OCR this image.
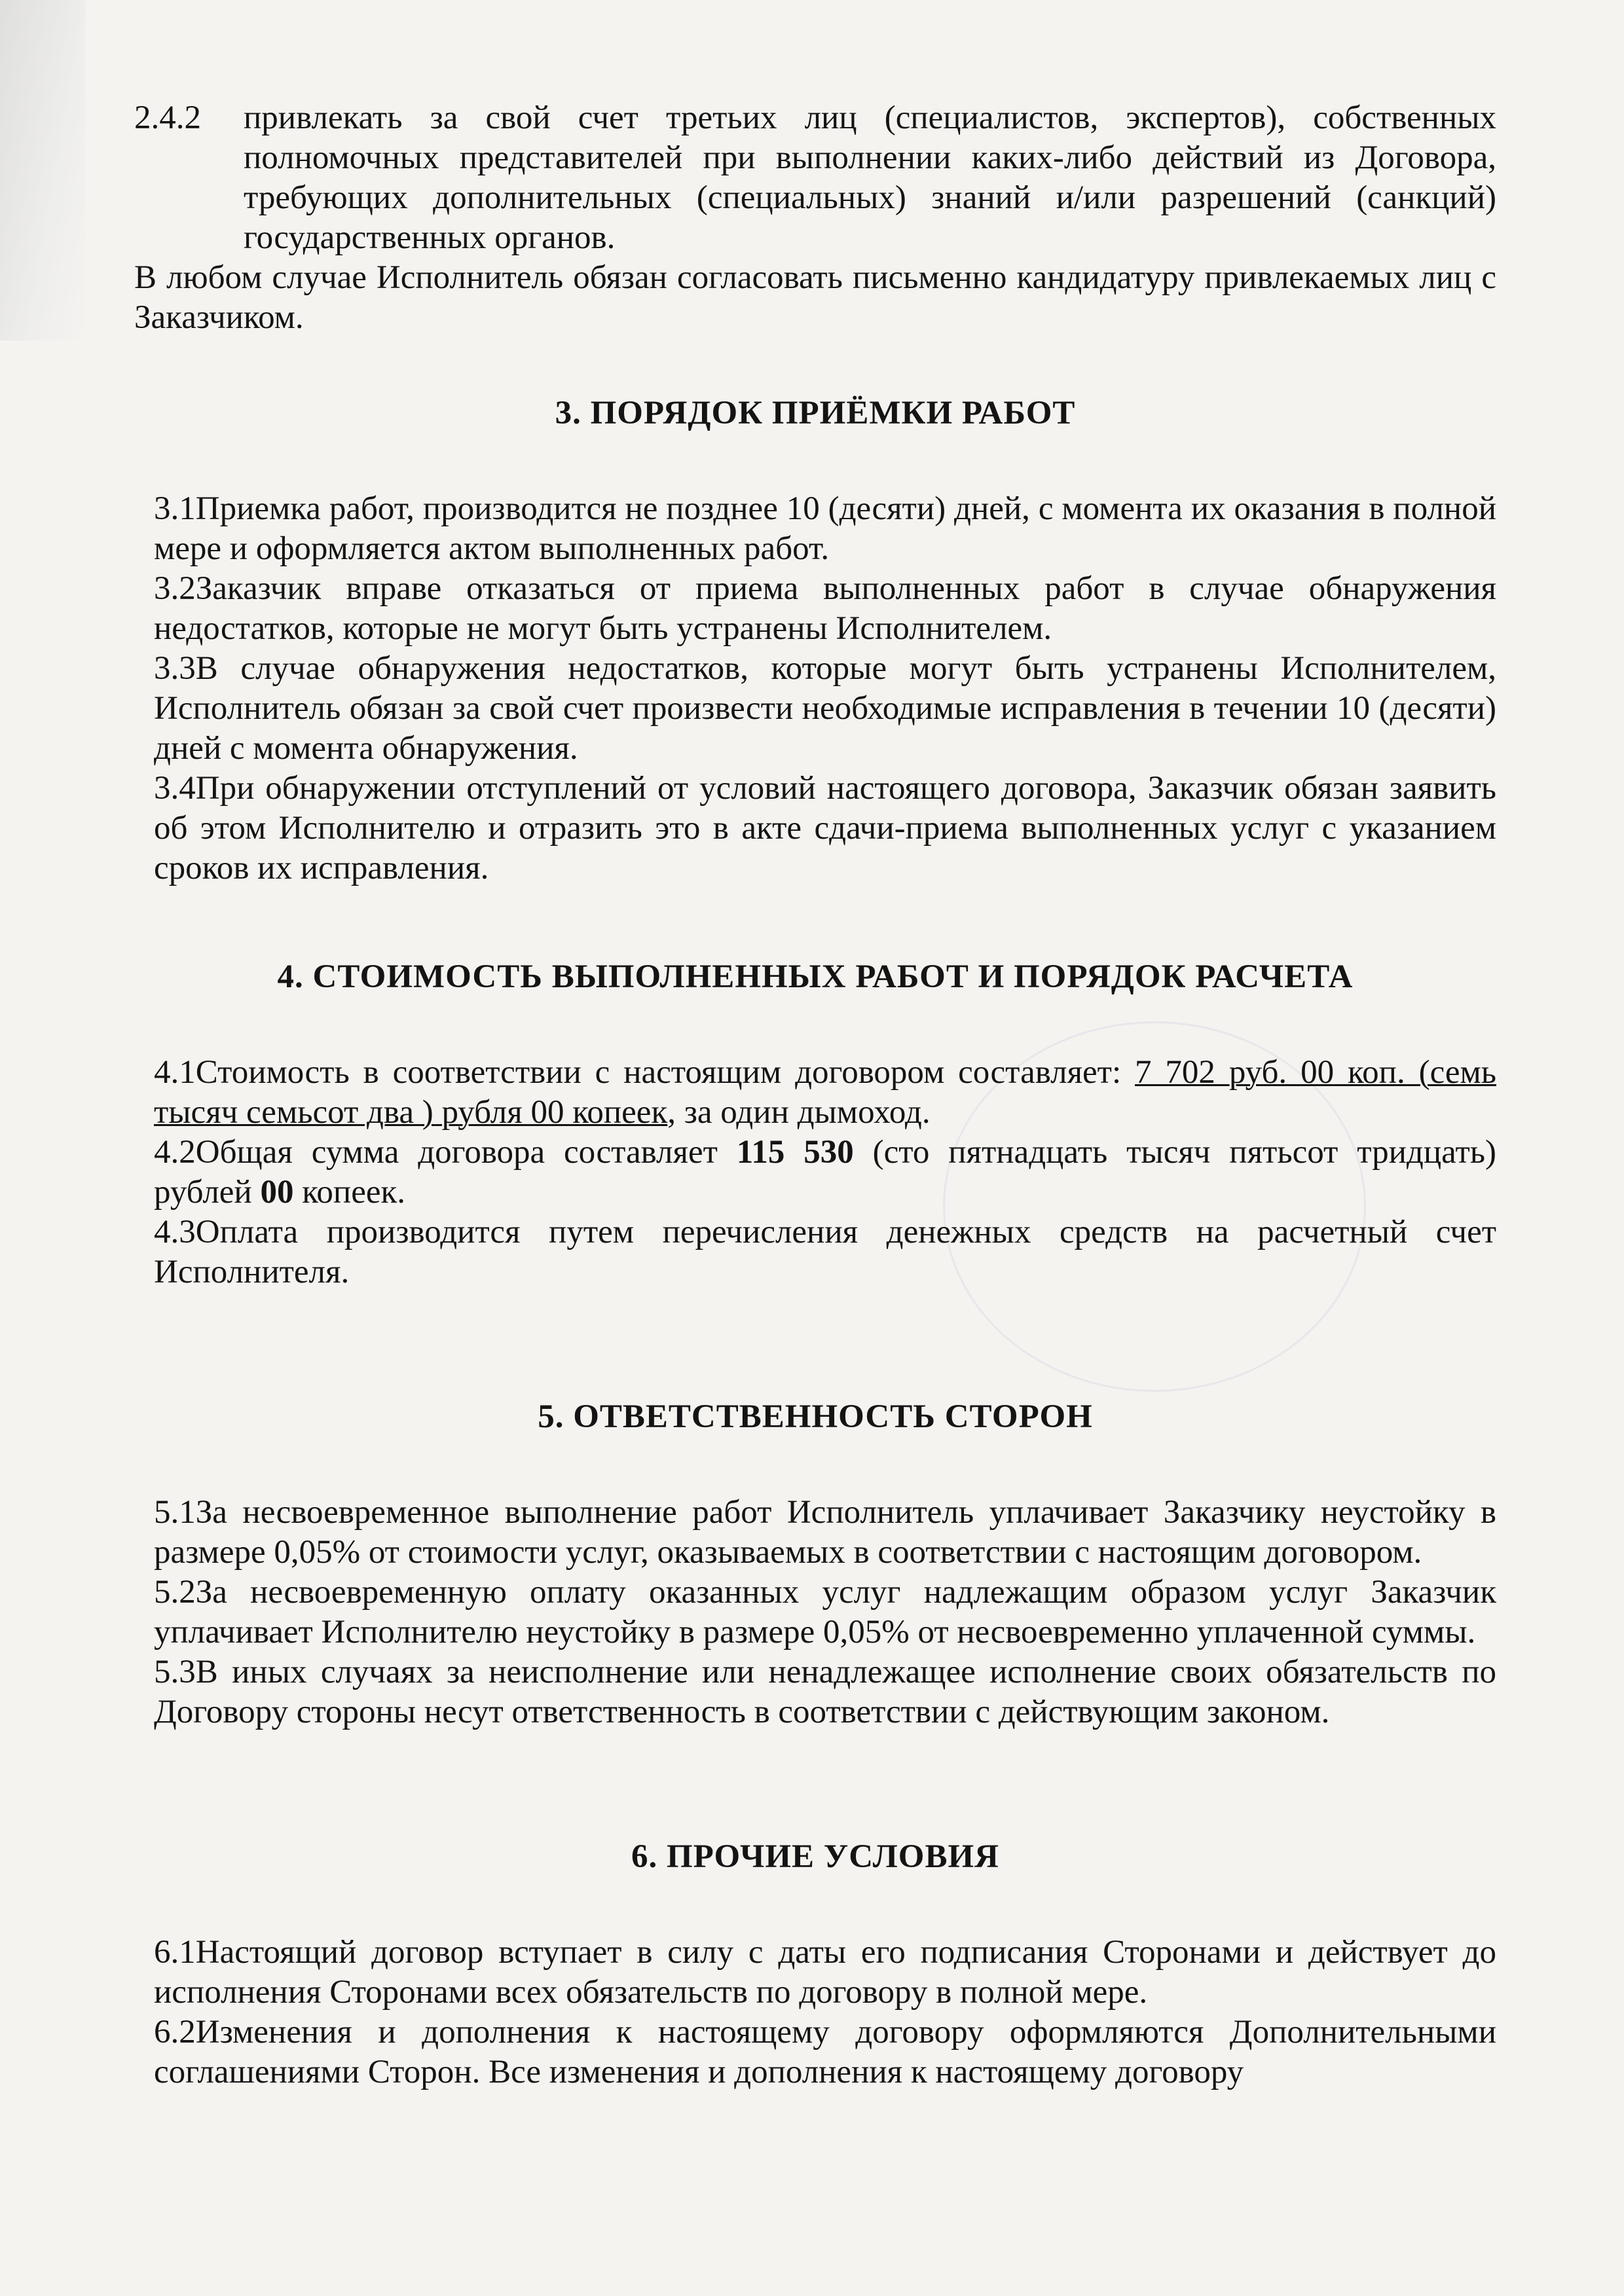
2.4.2	привлекать за свой счет третьих лиц (специалистов, экспертов), собственных полномочных представителей при выполнении каких-либо действий из Договора, требующих дополнительных (специальных) знаний и/или разрешений (санкций) государственных органов.

В любом случае Исполнитель обязан согласовать письменно кандидатуру привлекаемых лиц с Заказчиком.

3. ПОРЯДОК ПРИЁМКИ РАБОТ

3.1Приемка работ, производится не позднее 10 (десяти) дней, с момента их оказания в полной мере и оформляется актом выполненных работ.

3.2Заказчик вправе отказаться от приема выполненных работ в случае обнаружения недостатков, которые не могут быть устранены Исполнителем.

3.3В случае обнаружения недостатков, которые могут быть устранены Исполнителем, Исполнитель обязан за свой счет произвести необходимые исправления в течении 10 (десяти) дней с момента обнаружения.

3.4При обнаружении отступлений от условий настоящего договора, Заказчик обязан заявить об этом Исполнителю и отразить это в акте сдачи-приема выполненных услуг с указанием сроков их исправления.

4. СТОИМОСТЬ ВЫПОЛНЕННЫХ РАБОТ И ПОРЯДОК РАСЧЕТА

4.1Стоимость в соответствии с настоящим договором составляет: 7 702 руб. 00 коп. (семь тысяч семьсот два ) рубля 00 копеек, за один дымоход.

4.2Общая сумма договора составляет 115 530 (сто пятнадцать тысяч пятьсот тридцать) рублей 00 копеек.

4.3Оплата производится путем перечисления денежных средств на расчетный счет Исполнителя.

5. ОТВЕТСТВЕННОСТЬ СТОРОН

5.1За несвоевременное выполнение работ Исполнитель уплачивает Заказчику неустойку в размере 0,05% от стоимости услуг, оказываемых в соответствии с настоящим договором.

5.2За несвоевременную оплату оказанных услуг надлежащим образом услуг Заказчик уплачивает Исполнителю неустойку в размере 0,05% от несвоевременно уплаченной суммы.

5.3В иных случаях за неисполнение или ненадлежащее исполнение своих обязательств по Договору стороны несут ответственность в соответствии с действующим законом.

6. ПРОЧИЕ УСЛОВИЯ

6.1Настоящий договор вступает в силу с даты его подписания Сторонами и действует до исполнения Сторонами всех обязательств по договору в полной мере.

6.2Изменения и дополнения к настоящему договору оформляются Дополнительными соглашениями Сторон. Все изменения и дополнения к настоящему договору
